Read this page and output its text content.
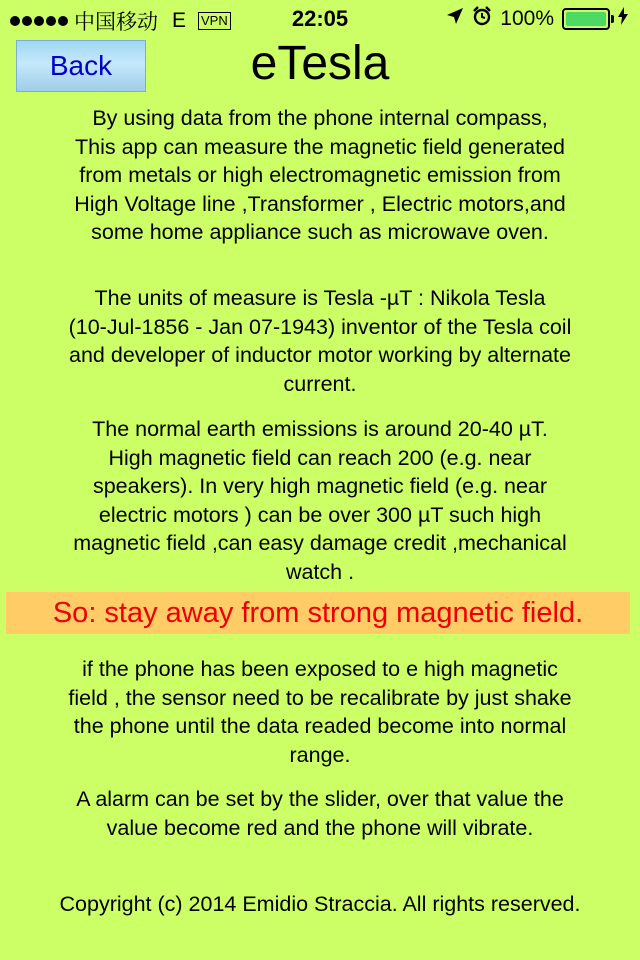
中国移动 E VPN	22:05	100%
Back	eTesla
By using data from the phone internal compass,
This app can measure the magnetic field generated
from metals or high electromagnetic emission from
High Voltage line ,Transformer , Electric motors,and
some home appliance such as microwave oven.
The units of measure is Tesla -µT : Nikola Tesla
(10-Jul-1856 - Jan 07-1943) inventor of the Tesla coil
and developer of inductor motor working by alternate
current.
The normal earth emissions is around 20-40 µT.
High magnetic field can reach 200 (e.g. near
speakers). In very high magnetic field (e.g. near
electric motors ) can be over 300 µT such high
magnetic field ,can easy damage credit ,mechanical
watch .
So: stay away from strong magnetic field.
if the phone has been exposed to e high magnetic
field , the sensor need to be recalibrate by just shake
the phone until the data readed become into normal
range.
A alarm can be set by the slider, over that value the
value become red and the phone will vibrate.
Copyright (c) 2014 Emidio Straccia. All rights reserved.
